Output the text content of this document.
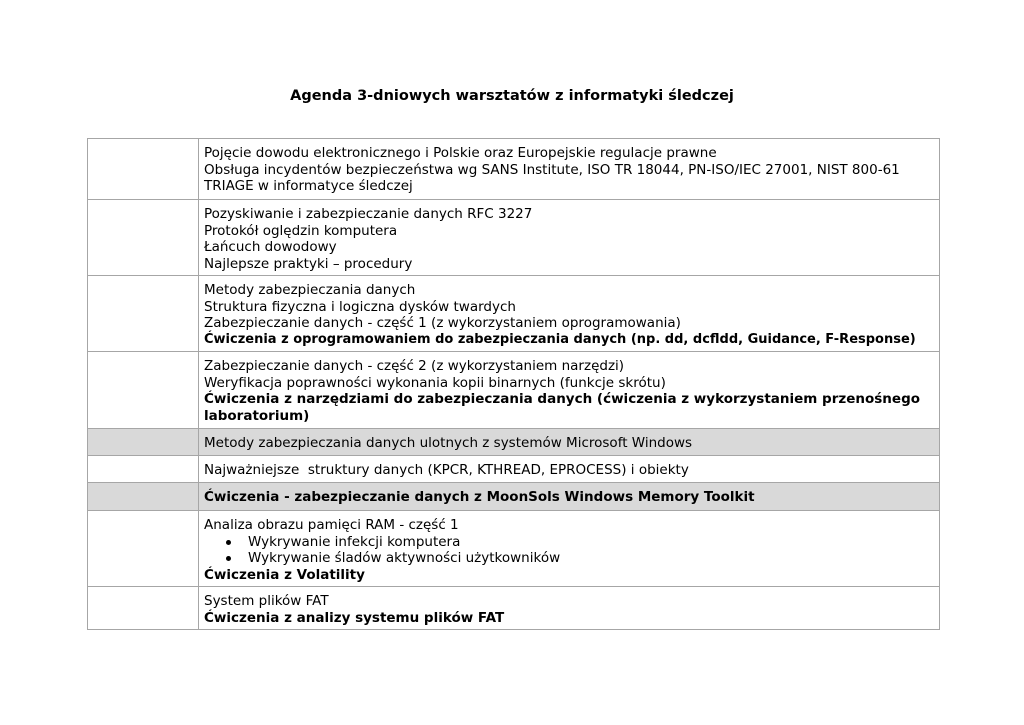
Agenda 3-dniowych warsztatów z informatyki śledczej

	Pojęcie dowodu elektronicznego i Polskie oraz Europejskie regulacje prawne
Obsługa incydentów bezpieczeństwa wg SANS Institute, ISO TR 18044, PN-ISO/IEC 27001, NIST 800-61
TRIAGE w informatyce śledczej

	Pozyskiwanie i zabezpieczanie danych RFC 3227
Protokół oględzin komputera
Łańcuch dowodowy
Najlepsze praktyki – procedury

	Metody zabezpieczania danych
Struktura fizyczna i logiczna dysków twardych
Zabezpieczanie danych - część 1 (z wykorzystaniem oprogramowania)
Ćwiczenia z oprogramowaniem do zabezpieczania danych (np. dd, dcfldd, Guidance, F-Response)

	Zabezpieczanie danych - część 2 (z wykorzystaniem narzędzi)
Weryfikacja poprawności wykonania kopii binarnych (funkcje skrótu)
Ćwiczenia z narzędziami do zabezpieczania danych (ćwiczenia z wykorzystaniem przenośnego laboratorium)

	Metody zabezpieczania danych ulotnych z systemów Microsoft Windows

	Najważniejsze  struktury danych (KPCR, KTHREAD, EPROCESS) i obiekty

	Ćwiczenia - zabezpieczanie danych z MoonSols Windows Memory Toolkit

	Analiza obrazu pamięci RAM - część 1
Wykrywanie infekcji komputera
Wykrywanie śladów aktywności użytkowników
Ćwiczenia z Volatility

	System plików FAT
Ćwiczenia z analizy systemu plików FAT
